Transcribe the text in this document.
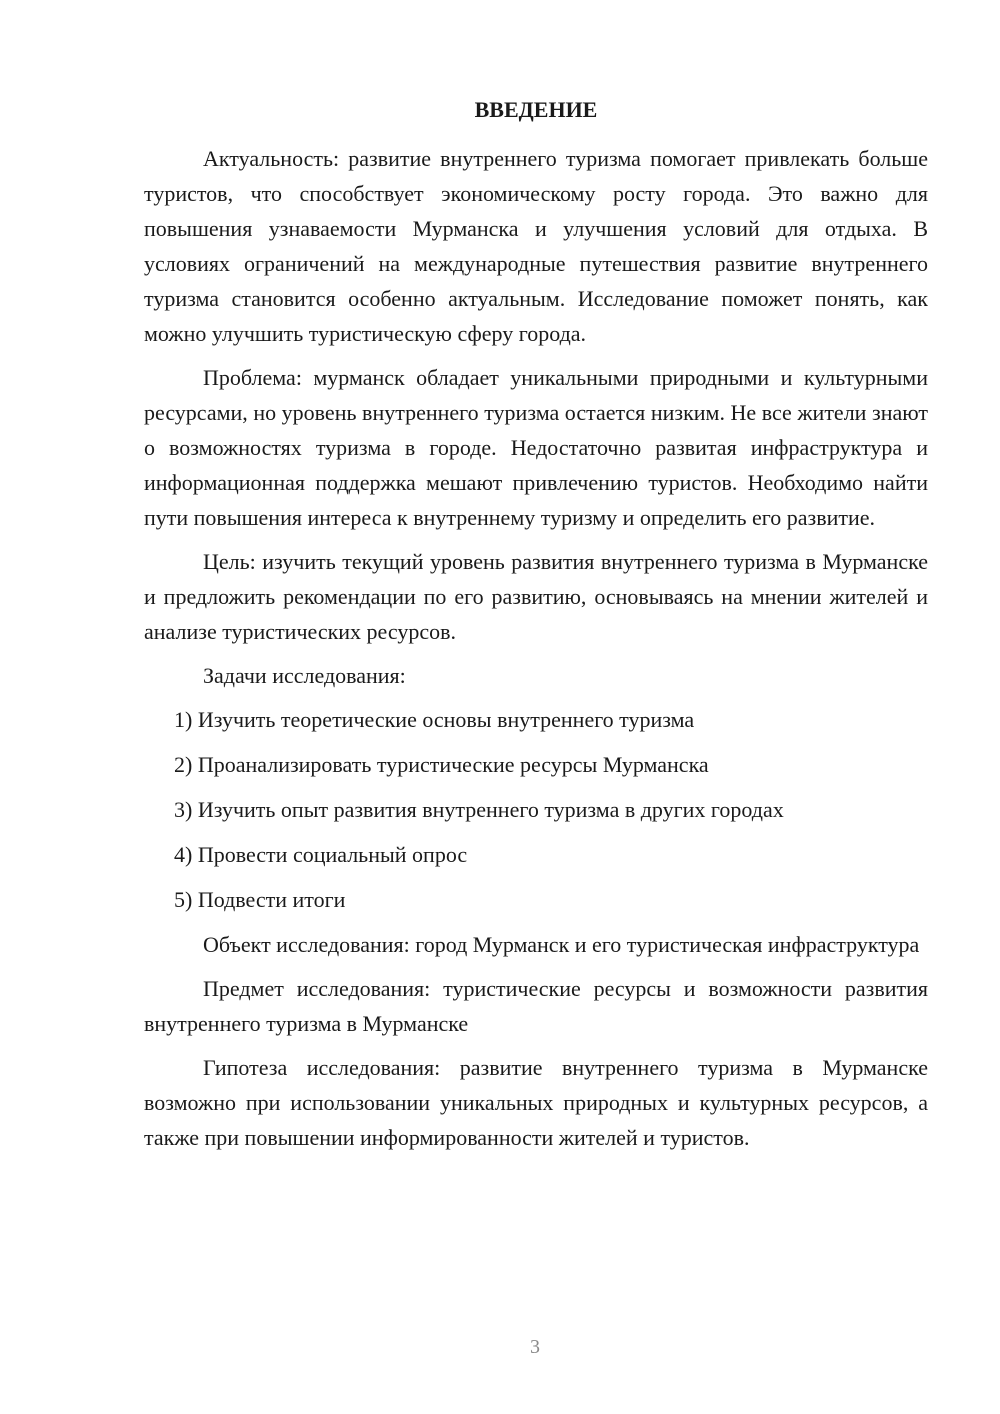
ВВЕДЕНИЕ

Актуальность: развитие внутреннего туризма помогает привлекать больше туристов, что способствует экономическому росту города. Это важно для повышения узнаваемости Мурманска и улучшения условий для отдыха. В условиях ограничений на международные путешествия развитие внутреннего туризма становится особенно актуальным. Исследование поможет понять, как можно улучшить туристическую сферу города.

Проблема: мурманск обладает уникальными природными и культурными ресурсами, но уровень внутреннего туризма остается низким. Не все жители знают о возможностях туризма в городе. Недостаточно развитая инфраструктура и информационная поддержка мешают привлечению туристов. Необходимо найти пути повышения интереса к внутреннему туризму и определить его развитие.

Цель: изучить текущий уровень развития внутреннего туризма в Мурманске и предложить рекомендации по его развитию, основываясь на мнении жителей и анализе туристических ресурсов.

Задачи исследования:

1) Изучить теоретические основы внутреннего туризма
2) Проанализировать туристические ресурсы Мурманска
3) Изучить опыт развития внутреннего туризма в других городах
4) Провести социальный опрос
5) Подвести итоги

Объект исследования: город Мурманск и его туристическая инфраструктура

Предмет исследования: туристические ресурсы и возможности развития внутреннего туризма в Мурманске

Гипотеза исследования: развитие внутреннего туризма в Мурманске возможно при использовании уникальных природных и культурных ресурсов, а также при повышении информированности жителей и туристов.

3
